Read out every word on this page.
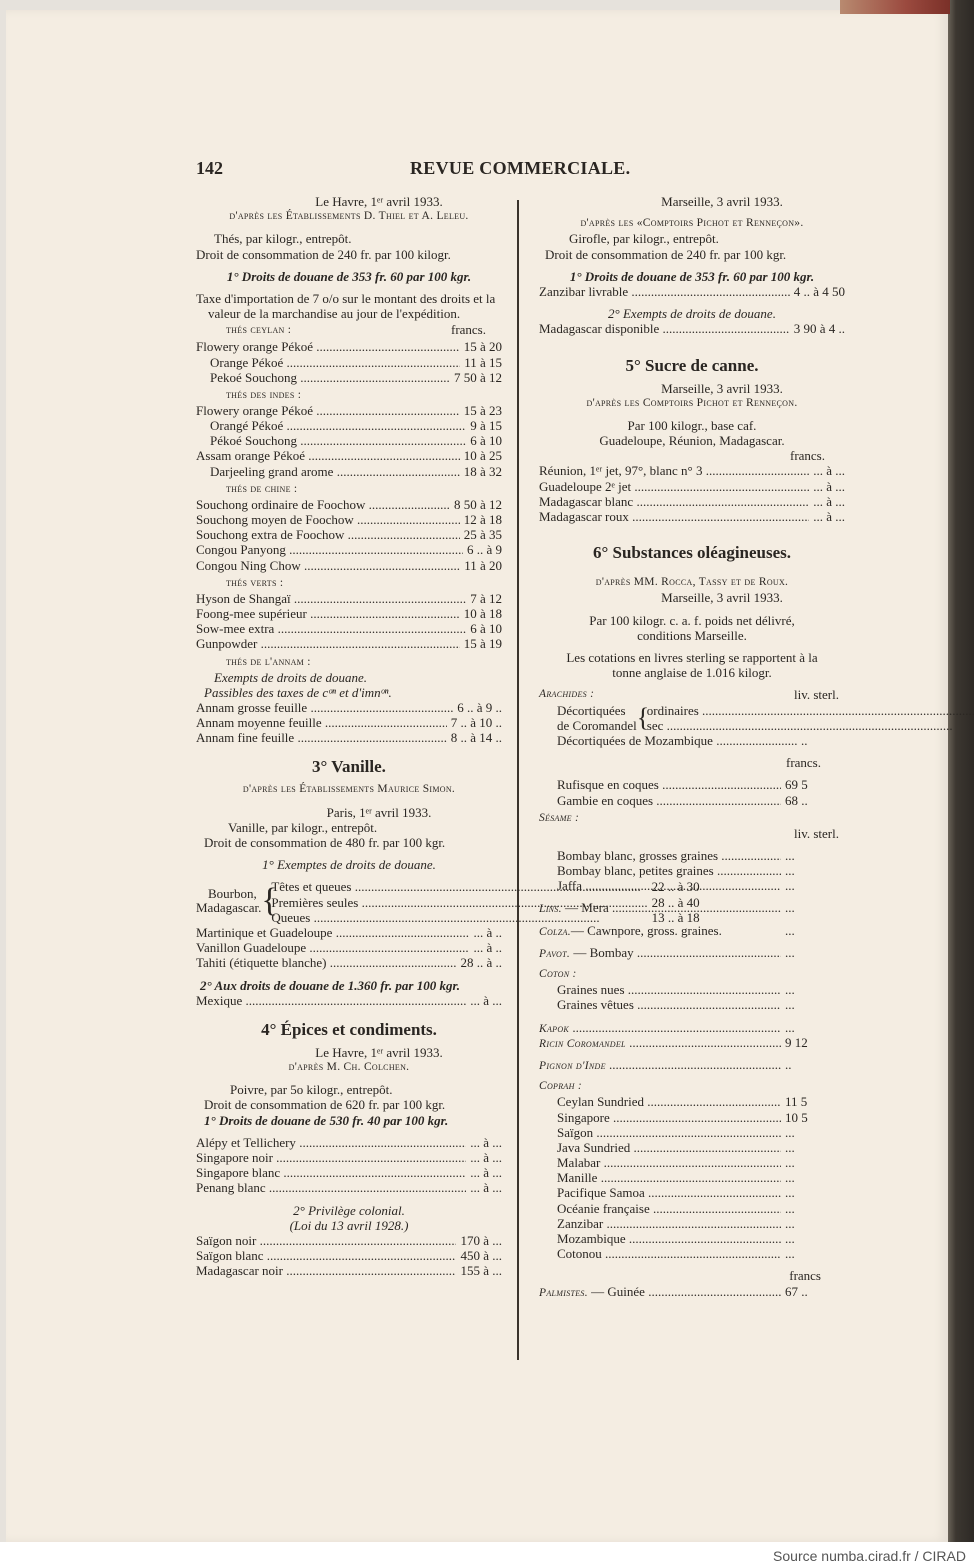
142	REVUE COMMERCIALE.
Le Havre, 1ᵉʳ avril 1933.
d'après les Établissements D. Thiel et A. Leleu.
Thés, par kilogr., entrepôt.
Droit de consommation de 240 fr. par 100 kilogr.
1° Droits de douane de 353 fr. 60 par 100 kgr.
Taxe d'importation de 7 o/o sur le montant des droits et la valeur de la marchandise au jour de l'expédition.
thés ceylan :	francs.
Flowery orange Pékoé .....	15 à 20
Orange Pékoé .....	11 à 15
Pekoé Souchong .....	7 50 à 12
thés des indes :
Flowery orange Pékoé .....	15 à 23
Orangé Pékoé .....	9 à 15
Pékoé Souchong .....	6 à 10
Assam orange Pékoé .....	10 à 25
Darjeeling grand arome .....	18 à 32
thés de chine :
Souchong ordinaire de Foochow .....	8 50 à 12
Souchong moyen de Foochow .....	12 à 18
Souchong extra de Foochow .....	25 à 35
Congou Panyong .....	6 .. à 9
Congou Ning Chow .....	11 à 20
thés verts :
Hyson de Shangaï .....	7 à 12
Foong-mee supérieur .....	10 à 18
Sow-mee extra .....	6 à 10
Gunpowder .....	15 à 19
thés de l'annam :
Exempts de droits de douane.
Passibles des taxes de cᵒⁿ et d'imnᵒⁿ.
Annam grosse feuille .....	6 .. à 9 ..
Annam moyenne feuille .....	7 .. à 10 ..
Annam fine feuille .....	8 .. à 14 ..
3° Vanille.
d'après les Établissements Maurice Simon.
Paris, 1ᵉʳ avril 1933.
Vanille, par kilogr., entrepôt.
Droit de consommation de 480 fr. par 100 kgr.
1° Exemptes de droits de douane.
Bourbon,
Madagascar. {
Têtes et queues .....	22 .. à 30
Premières seules .....	28 .. à 40
Queues .....	13 .. à 18
Martinique et Guadeloupe .....	... à ..
Vanillon Guadeloupe .....	... à ..
Tahiti (étiquette blanche) .....	28 .. à ..
2° Aux droits de douane de 1.360 fr. par 100 kgr.
Mexique .....	... à ...
4° Épices et condiments.
Le Havre, 1ᵉʳ avril 1933.
d'après M. Ch. Colchen.
Poivre, par 5o kilogr., entrepôt.
Droit de consommation de 620 fr. par 100 kgr.
1° Droits de douane de 530 fr. 40 par 100 kgr.
Alépy et Tellichery .....	... à ...
Singapore noir .....	... à ...
Singapore blanc .....	... à ...
Penang blanc .....	... à ...
2° Privilège colonial.
(Loi du 13 avril 1928.)
Saïgon noir .....	170 à ...
Saïgon blanc .....	450 à ...
Madagascar noir .....	155 à ...
Marseille, 3 avril 1933.
d'après les «Comptoirs Pichot et Renneçon».
Girofle, par kilogr., entrepôt.
Droit de consommation de 240 fr. par 100 kgr.
1° Droits de douane de 353 fr. 60 par 100 kgr.
Zanzibar livrable .....	4 .. à 4 50
2° Exempts de droits de douane.
Madagascar disponible .....	3 90 à 4 ..
5° Sucre de canne.
Marseille, 3 avril 1933.
d'après les Comptoirs Pichot et Renneçon.
Par 100 kilogr., base caf.
Guadeloupe, Réunion, Madagascar.
francs.
Réunion, 1ᵉʳ jet, 97°, blanc n° 3 .....	... à ...
Guadeloupe 2ᵉ jet .....	... à ...
Madagascar blanc .....	... à ...
Madagascar roux .....	... à ...
6° Substances oléagineuses.
d'après MM. Rocca, Tassy et de Roux.
Marseille, 3 avril 1933.
Par 100 kilogr. c. a. f. poids net délivré, conditions Marseille.
Les cotations en livres sterling se rapportent à la tonne anglaise de 1.016 kilogr.
Arachides :	liv. sterl.
Décortiquées
de Coromandel {
ordinaires .....
sec .....
Décortiquées de Mozambique .....	..
francs.
Rufisque en coques .....	69 5
Gambie en coques .....	68 ..
Sésame :
liv. sterl.
Bombay blanc, grosses graines .....	...
Bombay blanc, petites graines .....	...
Jaffa .....	...
Lins. — Mera .....	...
Colza.— Cawnpore, gross. graines.	...
Pavot. — Bombay .....	...
Coton :
Graines nues .....	...
Graines vêtues .....	...
Kapok .....	...
Ricin Coromandel .....	9 12
Pignon d'Inde .....	..
Coprah :
Ceylan Sundried .....	11 5
Singapore .....	10 5
Saïgon .....	...
Java Sundried .....	...
Malabar .....	...
Manille .....	...
Pacifique Samoa .....	...
Océanie française .....	...
Zanzibar .....	...
Mozambique .....	...
Cotonou .....	...
francs
Palmistes. — Guinée .....	67 ..
Source numba.cirad.fr / CIRAD
